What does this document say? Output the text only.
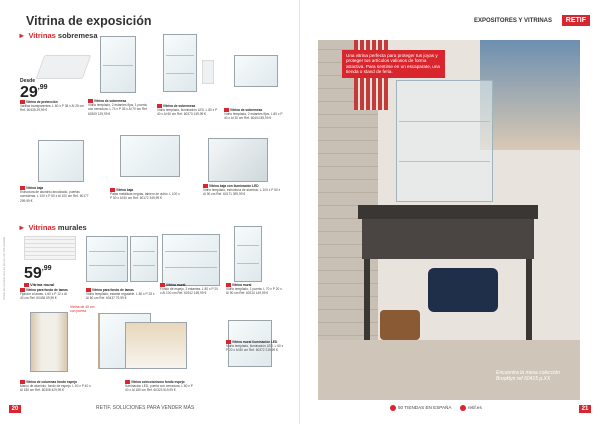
Vitrina de exposición
► Vitrinas sobremesa
Desde
$29^{,99}$
Vitrina de protección
Varillas transparentes. L 60 x P 38 x Al 25 cm Ref. 60435 29,99 €
Vitrina de sobremesa
Vidrio templado, 2 estantes fijos, 1 puerta con cerradura. L 74 x P 35 x Al 70 cm Ref. 60309 129,99 €
Vitrina de sobremesa
Vidrio templado, iluminación LED. L 80 x P 40 x Al 60 cm Ref. 60373 149,99 €
Vitrina de sobremesa
Vidrio templado, 2 estantes fijos. L 80 x P 40 x Al 30 cm Ref. 60404 89,99 €
Vitrina baja
Estructura de aluminio anodizado, puertas correderas. L 100 x P 50 x Al 100 cm Ref. 60177 299,99 €
Vitrina baja
Patas metálicas negras, tablero de vidrio. L 100 x P 50 x Al 90 cm Ref. 60172 349,99 €
Vitrina baja con iluminación LED
Vidrio templado, estructura de aluminio. L 100 x P 50 x Al 90 cm Ref. 60171 399,99 €
► Vitrinas murales
$59^{,99}$
Vitrina mural
Vitrina para fondo de lamas
Fijación a lamas. L 60 x P 12 x Al 40 cm Ref. 60436 59,99 €
Vitrina para fondo de lamas
Vidrio templado, estante regulable. L 80 x P 25 x Al 60 cm Ref. 60437 79,99 €
Vitrina mural
Fondo de espejo, 3 estantes. L 80 x P 20 x Al 100 cm Ref. 60312 169,99 €
Vitrina mural
Vidrio templado, 1 puerta. L 70 x P 20 x Al 90 cm Ref. 60310 149,99 €
Vitrina de 40 cm con puerta
Vitrina de columnas fondo espejo
Marco de aluminio, fondo de espejo. L 40 x P 40 x Al 180 cm Ref. 60308 429,99 €
Vitrina coleccionismo fondo espejo
Iluminación LED, puerta con cerradura. L 60 x P 40 x Al 180 cm Ref. 60323 519,99 €
Vitrina mural iluminación LED
Vidrio templado, iluminación LED. L 60 x P 20 x Al 80 cm Ref. 60372 219,99 €
Todos los precios son en euros con IVA incluido
20	RETIF, SOLUCIONES PARA VENDER MÁS
EXPOSITORES Y VITRINAS	RETIF
Una vitrina perfecta para proteger tus joyas y proteger tus artículos valiosos de forma atractiva. Para sentirse en un escaparate, una tienda o stand de feria.
Encuentra la mesa colección Brooklyn ref 60415 p.XX
50 TIENDAS EN ESPAÑA	retif.es	21
